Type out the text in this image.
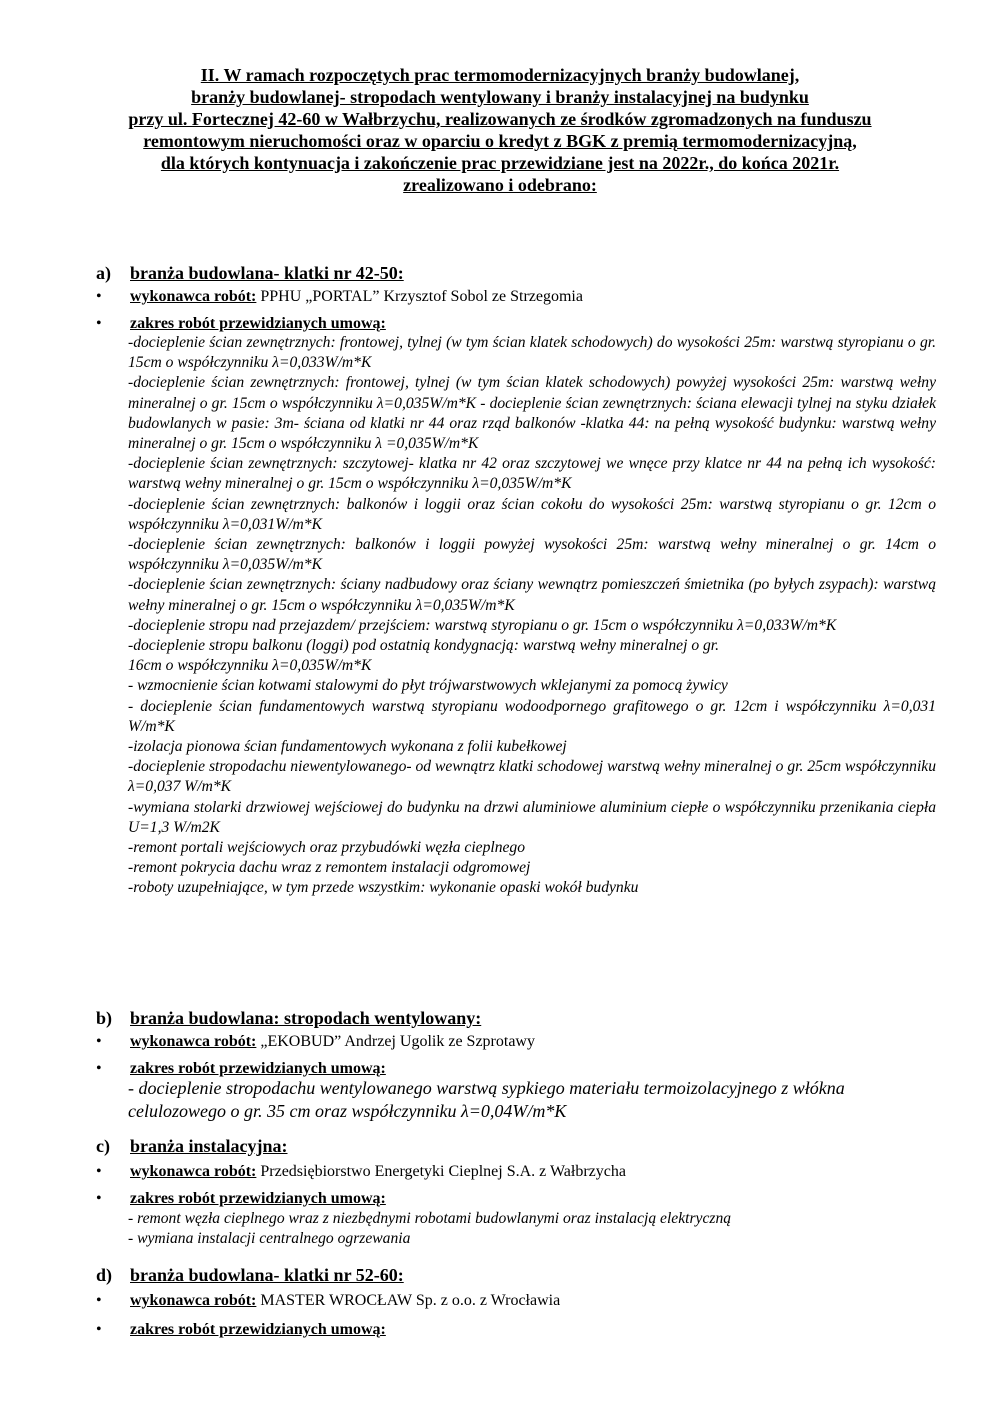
II. W ramach rozpoczętych prac termomodernizacyjnych branży budowlanej,
branży budowlanej- stropodach wentylowany i branży instalacyjnej na budynku
przy ul. Fortecznej 42-60 w Wałbrzychu, realizowanych ze środków zgromadzonych na funduszu
remontowym nieruchomości oraz w oparciu o kredyt z BGK z premią termomodernizacyjną,
dla których kontynuacja i zakończenie prac przewidziane jest na 2022r., do końca 2021r.
zrealizowano i odebrano:
a) branża budowlana- klatki nr 42-50:
• wykonawca robót: PPHU „PORTAL” Krzysztof Sobol ze Strzegomia
• zakres robót przewidzianych umową:

-docieplenie ścian zewnętrznych: frontowej, tylnej (w tym ścian klatek schodowych) do wysokości 25m: warstwą styropianu o gr. 15cm o współczynniku λ=0,033W/m*K

-docieplenie ścian zewnętrznych: frontowej, tylnej (w tym ścian klatek schodowych) powyżej wysokości 25m: warstwą wełny mineralnej o gr. 15cm o współczynniku λ=0,035W/m*K - docieplenie ścian zewnętrznych: ściana elewacji tylnej na styku działek budowlanych w pasie: 3m- ściana od klatki nr 44 oraz rząd balkonów -klatka 44: na pełną wysokość budynku: warstwą wełny mineralnej o gr. 15cm o współczynniku λ =0,035W/m*K

-docieplenie ścian zewnętrznych: szczytowej- klatka nr 42 oraz szczytowej we wnęce przy klatce nr 44 na pełną ich wysokość: warstwą wełny mineralnej o gr. 15cm o współczynniku λ=0,035W/m*K

-docieplenie ścian zewnętrznych: balkonów i loggii oraz ścian cokołu do wysokości 25m: warstwą styropianu o gr. 12cm o współczynniku λ=0,031W/m*K

-docieplenie ścian zewnętrznych: balkonów i loggii powyżej wysokości 25m: warstwą wełny mineralnej o gr. 14cm o współczynniku λ=0,035W/m*K

-docieplenie ścian zewnętrznych: ściany nadbudowy oraz ściany wewnątrz pomieszczeń śmietnika (po byłych zsypach): warstwą wełny mineralnej o gr. 15cm o współczynniku λ=0,035W/m*K

-docieplenie stropu nad przejazdem/ przejściem: warstwą styropianu o gr. 15cm o współczynniku λ=0,033W/m*K

-docieplenie stropu balkonu (loggi) pod ostatnią kondygnacją: warstwą wełny mineralnej o gr.

16cm o współczynniku λ=0,035W/m*K

- wzmocnienie ścian kotwami stalowymi do płyt trójwarstwowych wklejanymi za pomocą żywicy

- docieplenie ścian fundamentowych warstwą styropianu wodoodpornego grafitowego o gr. 12cm i współczynniku λ=0,031 W/m*K

-izolacja pionowa ścian fundamentowych wykonana z folii kubełkowej

-docieplenie stropodachu niewentylowanego- od wewnątrz klatki schodowej warstwą wełny mineralnej o gr. 25cm współczynniku λ=0,037 W/m*K

-wymiana stolarki drzwiowej wejściowej do budynku na drzwi aluminiowe aluminium ciepłe o współczynniku przenikania ciepła U=1,3 W/m2K

-remont portali wejściowych oraz przybudówki węzła cieplnego

-remont pokrycia dachu wraz z remontem instalacji odgromowej

-roboty uzupełniające, w tym przede wszystkim: wykonanie opaski wokół budynku

b) branża budowlana: stropodach wentylowany:
• wykonawca robót: „EKOBUD” Andrzej Ugolik ze Szprotawy
• zakres robót przewidzianych umową:

- docieplenie stropodachu wentylowanego warstwą sypkiego materiału termoizolacyjnego z włókna celulozowego o gr. 35 cm oraz współczynniku λ=0,04W/m*K

c) branża instalacyjna:
• wykonawca robót: Przedsiębiorstwo Energetyki Cieplnej S.A. z Wałbrzycha
• zakres robót przewidzianych umową:

- remont węzła cieplnego wraz z niezbędnymi robotami budowlanymi oraz instalacją elektryczną

- wymiana instalacji centralnego ogrzewania

d) branża budowlana- klatki nr 52-60:
• wykonawca robót: MASTER WROCŁAW Sp. z o.o. z Wrocławia
• zakres robót przewidzianych umową:
